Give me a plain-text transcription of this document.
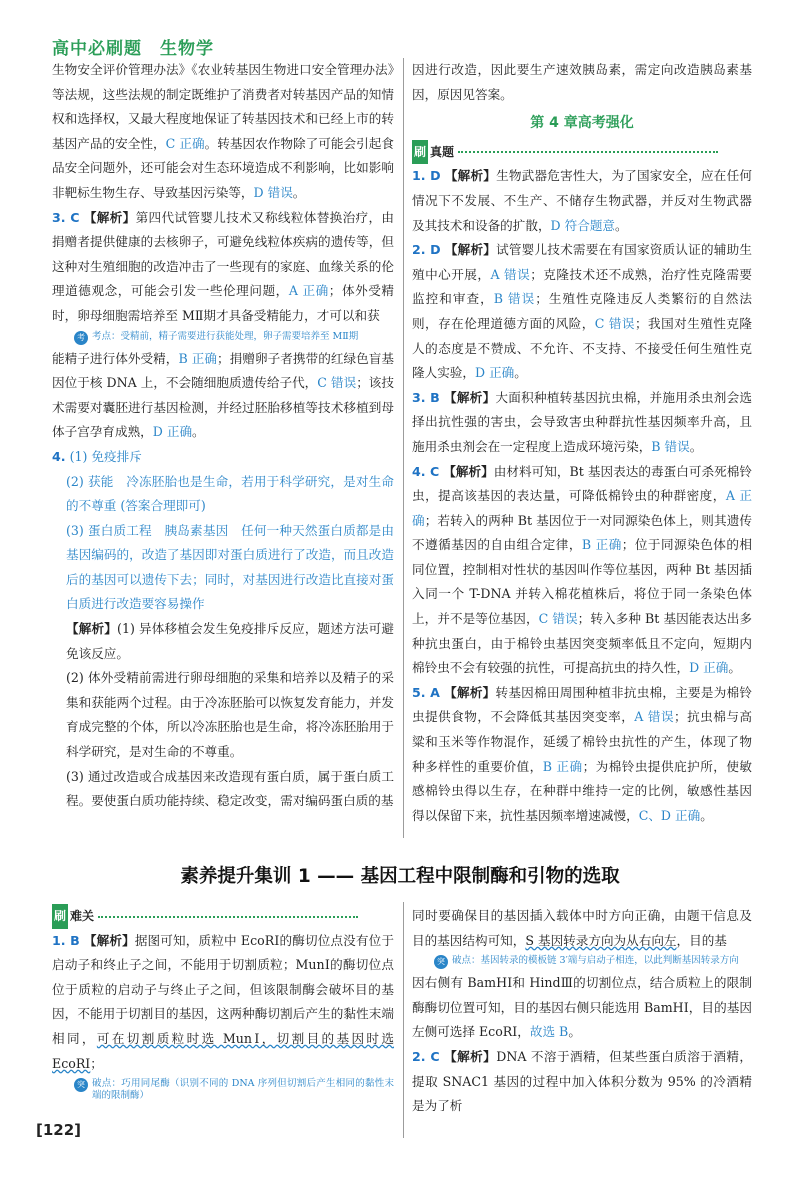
高中必刷题　生物学

生物安全评价管理办法》《农业转基因生物进口安全管理办法》等法规，这些法规的制定既维护了消费者对转基因产品的知情权和选择权，又最大程度地保证了转基因技术和已经上市的转基因产品的安全性，C 正确。转基因农作物除了可能会引起食品安全问题外，还可能会对生态环境造成不利影响，比如影响非靶标生物生存、导致基因污染等，D 错误。

3. C 【解析】第四代试管婴儿技术又称线粒体替换治疗，由捐赠者提供健康的去核卵子，可避免线粒体疾病的遗传等，但这种对生殖细胞的改造冲击了一些现有的家庭、血缘关系的伦理道德观念，可能会引发一些伦理问题，A 正确；体外受精时，卵母细胞需培养至 MⅡ期才具备受精能力，才可以和获

考 考点：受精前，精子需要进行获能处理，卵子需要培养至 MⅡ期

能精子进行体外受精，B 正确；捐赠卵子者携带的红绿色盲基因位于核 DNA 上，不会随细胞质遗传给子代，C 错误；该技术需要对囊胚进行基因检测，并经过胚胎移植等技术移植到母体子宫孕育成熟，D 正确。

4. (1) 免疫排斥

(2) 获能　冷冻胚胎也是生命，若用于科学研究，是对生命的不尊重 (答案合理即可)

(3) 蛋白质工程　胰岛素基因　任何一种天然蛋白质都是由基因编码的，改造了基因即对蛋白质进行了改造，而且改造后的基因可以遗传下去；同时，对基因进行改造比直接对蛋白质进行改造要容易操作

【解析】(1) 异体移植会发生免疫排斥反应，题述方法可避免该反应。

(2) 体外受精前需进行卵母细胞的采集和培养以及精子的采集和获能两个过程。由于冷冻胚胎可以恢复发育能力，并发育成完整的个体，所以冷冻胚胎也是生命，将冷冻胚胎用于科学研究，是对生命的不尊重。

(3) 通过改造或合成基因来改造现有蛋白质，属于蛋白质工程。要使蛋白质功能持续、稳定改变，需对编码蛋白质的基

因进行改造，因此要生产速效胰岛素，需定向改造胰岛素基因，原因见答案。

第 4 章高考强化
刷 真题

1. D 【解析】生物武器危害性大，为了国家安全，应在任何情况下不发展、不生产、不储存生物武器，并反对生物武器及其技术和设备的扩散，D 符合题意。

2. D 【解析】试管婴儿技术需要在有国家资质认证的辅助生殖中心开展，A 错误；克隆技术还不成熟，治疗性克隆需要监控和审查，B 错误；生殖性克隆违反人类繁衍的自然法则，存在伦理道德方面的风险，C 错误；我国对生殖性克隆人的态度是不赞成、不允许、不支持、不接受任何生殖性克隆人实验，D 正确。

3. B 【解析】大面积种植转基因抗虫棉，并施用杀虫剂会选择出抗性强的害虫，会导致害虫种群抗性基因频率升高，且施用杀虫剂会在一定程度上造成环境污染，B 错误。

4. C 【解析】由材料可知，Bt 基因表达的毒蛋白可杀死棉铃虫，提高该基因的表达量，可降低棉铃虫的种群密度，A 正确；若转入的两种 Bt 基因位于一对同源染色体上，则其遗传不遵循基因的自由组合定律，B 正确；位于同源染色体的相同位置，控制相对性状的基因叫作等位基因，两种 Bt 基因插入同一个 T-DNA 并转入棉花植株后，将位于同一条染色体上，并不是等位基因，C 错误；转入多种 Bt 基因能表达出多种抗虫蛋白，由于棉铃虫基因突变频率低且不定向，短期内棉铃虫不会有较强的抗性，可提高抗虫的持久性，D 正确。

5. A 【解析】转基因棉田周围种植非抗虫棉，主要是为棉铃虫提供食物，不会降低其基因突变率，A 错误；抗虫棉与高粱和玉米等作物混作，延缓了棉铃虫抗性的产生，体现了物种多样性的重要价值，B 正确；为棉铃虫提供庇护所，使敏感棉铃虫得以生存，在种群中维持一定的比例，敏感性基因得以保留下来，抗性基因频率增速减慢，C、D 正确。

素养提升集训 1 —— 基因工程中限制酶和引物的选取
刷 难关

1. B 【解析】据图可知，质粒中 EcoRⅠ的酶切位点没有位于启动子和终止子之间，不能用于切割质粒；MunⅠ的酶切位点位于质粒的启动子与终止子之间，但该限制酶会破坏目的基因，不能用于切割目的基因，这两种酶切割后产生的黏性末端相同，可在切割质粒时选 MunⅠ，切割目的基因时选 EcoRⅠ；

突 破点：巧用同尾酶（识别不同的 DNA 序列但切割后产生相同的黏性末端的限制酶）

同时要确保目的基因插入载体中时方向正确，由题干信息及目的基因结构可知，S 基因转录方向为从右向左，目的基

突 破点：基因转录的模板链 3′端与启动子相连，以此判断基因转录方向

因右侧有 BamHⅠ和 HindⅢ的切割位点，结合质粒上的限制酶酶切位置可知，目的基因右侧只能选用 BamHⅠ，目的基因左侧可选择 EcoRⅠ，故选 B。

2. C 【解析】DNA 不溶于酒精，但某些蛋白质溶于酒精，提取 SNAC1 基因的过程中加入体积分数为 95% 的冷酒精是为了析

[122]
